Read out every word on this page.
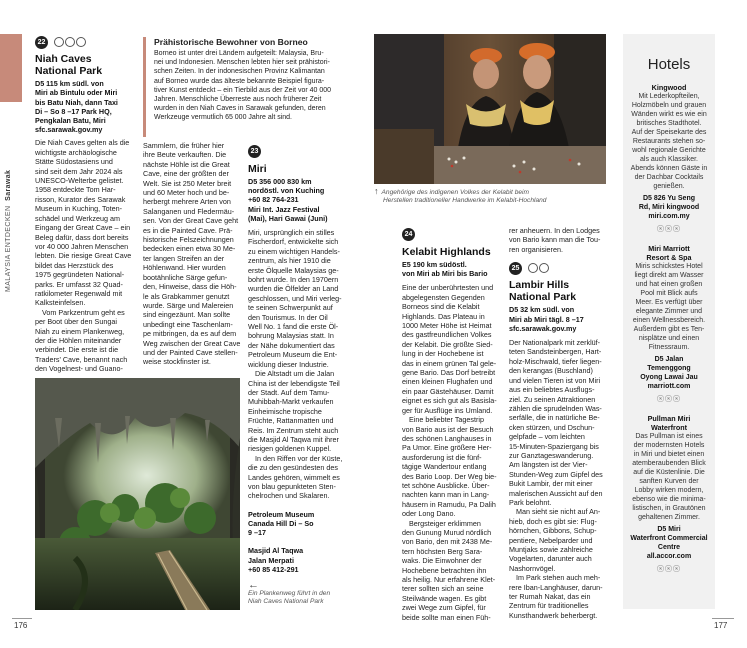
MALAYSIA ENTDECKEN  Sarawak
22
Niah Caves
National Park
D5 115 km südl. von
Miri ab Bintulu oder Miri
bis Batu Niah, dann Taxi
Di – So 8 –17 Park HQ,
Pengkalan Batu, Miri
sfc.sarawak.gov.my
Die Niah Caves gelten als die
wichtigste archäologische
Stätte Südostasiens und
sind seit dem Jahr 2024 als
UNESCO-Welterbe gelistet.
1958 entdeckte Tom Har-
risson, Kurator des Sarawak
Museum in Kuching, Toten-
schädel und Werkzeug am
Eingang der Great Cave – ein
Beleg dafür, dass dort bereits
vor 40 000 Jahren Menschen
lebten. Die riesige Great Cave
bildet das Herzstück des
1975 gegründeten National-
parks. Er umfasst 32 Quad-
ratkilometer Regenwald mit
Kalksteinfelsen.
Vom Parkzentrum geht es
per Boot über den Sungai
Niah zu einem Plankenweg,
der die Höhlen miteinander
verbindet. Die erste ist die
Traders' Cave, benannt nach
den Vogelnest- und Guano-
Sammlern, die früher hier
ihre Beute verkauften. Die
nächste Höhle ist die Great
Cave, eine der größten der
Welt. Sie ist 250 Meter breit
und 60 Meter hoch und be-
herbergt mehrere Arten von
Salanganen und Fledermäu-
sen. Von der Great Cave geht
es in die Painted Cave. Prä-
historische Felszeichnungen
bedecken einen etwa 30 Me-
ter langen Streifen an der
Höhlenwand. Hier wurden
bootähnliche Särge gefun-
den, Hinweise, dass die Höh-
le als Grabkammer genutzt
wurde. Särge und Malereien
sind eingezäunt. Man sollte
unbedingt eine Taschenlam-
pe mitbringen, da es auf dem
Weg zwischen der Great Cave
und der Painted Cave stellen-
weise stockfinster ist.
Prähistorische Bewohner von Borneo
Borneo ist unter drei Ländern aufgeteilt: Malaysia, Bru-
nei und Indonesien. Menschen lebten hier seit prähistori-
schen Zeiten. In der indonesischen Provinz Kalimantan
auf Borneo wurde das älteste bekannte Beispiel figura-
tiver Kunst entdeckt – ein Tierbild aus der Zeit vor 40 000
Jahren. Menschliche Überreste aus noch früherer Zeit
wurden in den Niah Caves in Sarawak gefunden, deren
Werkzeuge vermutlich 65 000 Jahre alt sind.
23
Miri
D5 356 000 830 km
nordöstl. von Kuching
+60 82 764-231
Miri Int. Jazz Festival
(Mai), Hari Gawai (Juni)
Miri, ursprünglich ein stilles
Fischerdorf, entwickelte sich
zu einem wichtigen Handels-
zentrum, als hier 1910 die
erste Ölquelle Malaysias ge-
bohrt wurde. In den 1970ern
wurden die Ölfelder an Land
geschlossen, und Miri verleg-
te seinen Schwerpunkt auf
den Tourismus. In der Oil
Well No. 1 fand die erste Öl-
bohrung Malaysias statt. In
der Nähe dokumentiert das
Petroleum Museum die Ent-
wicklung dieser Industrie.
Die Altstadt um die Jalan
China ist der lebendigste Teil
der Stadt. Auf dem Tamu-
Muhibbah-Markt verkaufen
Einheimische tropische
Früchte, Rattanmatten und
Reis. Im Zentrum steht auch
die Masjid Al Taqwa mit ihrer
riesigen goldenen Kuppel.
In den Riffen vor der Küste,
die zu den gesündesten des
Landes gehören, wimmelt es
von blau gepunkteten Sten-
chelrochen und Skalaren.
Petroleum Museum
Canada Hill Di – So
9 –17
Masjid Al Taqwa
Jalan Merpati
+60 85 412-291
←
Ein Plankenweg führt in den
Niah Caves National Park
↑ Angehörige des indigenen Volkes der Kelabit beim
Herstellen traditioneller Handwerke im Kelabit-Hochland
24
Kelabit Highlands
E5 190 km südöstl.
von Miri ab Miri bis Bario
Eine der unberührtesten und
abgelegensten Gegenden
Borneos sind die Kelabit
Highlands. Das Plateau in
1000 Meter Höhe ist Heimat
des gastfreundlichen Volkes
der Kelabit. Die größte Sied-
lung in der Hochebene ist
das in einem grünen Tal gele-
gene Bario. Das Dorf betreibt
einen kleinen Flughafen und
ein paar Gästehäuser. Damit
eignet es sich gut als Basisla-
ger für Ausflüge ins Umland.
Eine beliebter Tagestrip
von Bario aus ist der Besuch
des schönen Langhauses in
Pa Umor. Eine größere Her-
ausforderung ist die fünf-
tägige Wandertour entlang
des Bario Loop. Der Weg bie-
tet schöne Ausblicke. Über-
nachten kann man in Lang-
häusern in Ramudu, Pa Dalih
oder Long Dano.
Bergsteiger erklimmen
den Gunung Murud nördlich
von Bario, den mit 2438 Me-
tern höchsten Berg Sara-
waks. Die Einwohner der
Hochebene betrachten ihn
als heilig. Nur erfahrene Klet-
terer sollten sich an seine
Steilwände wagen. Es gibt
zwei Wege zum Gipfel, für
beide sollte man einen Füh-
rer anheuern. In den Lodges
von Bario kann man die Tou-
ren organisieren.
25
Lambir Hills
National Park
D5 32 km südl. von
Miri ab Miri tägl. 8 –17
sfc.sarawak.gov.my
Der Nationalpark mit zerklüf-
teten Sandsteinbergen, Hart-
holz-Mischwald, tiefer liegen-
den kerangas (Buschland)
und vielen Tieren ist von Miri
aus ein beliebtes Ausflugs-
ziel. Zu seinen Attraktionen
zählen die sprudelnden Was-
serfälle, die in natürliche Be-
cken stürzen, und Dschun-
gelpfade – vom leichten
15-Minuten-Spaziergang bis
zur Ganztageswanderung.
Am längsten ist der Vier-
Stunden-Weg zum Gipfel des
Bukit Lambir, der mit einer
malerischen Aussicht auf den
Park belohnt.
Man sieht sie nicht auf An-
hieb, doch es gibt sie: Flug-
hörnchen, Gibbons, Schup-
pentiere, Nebelparder und
Muntjaks sowie zahlreiche
Vogelarten, darunter auch
Nashornvögel.
Im Park stehen auch meh-
rere Iban-Langhäuser, darun-
ter Rumah Nakat, das ein
Zentrum für traditionelles
Kunsthandwerk beherbergt.
Hotels
Kingwood
Mit Lederkopfteilen,
Holzmöbeln und grauen
Wänden wirkt es wie ein
britisches Stadthotel.
Auf der Speisekarte des
Restaurants stehen so-
wohl regionale Gerichte
als auch Klassiker.
Abends können Gäste in
der Dachbar Cocktails
genießen.
D5 826 Yu Seng
Rd, Miri kingwood
miri.com.my
ⓢⓢⓢ
Miri Marriott
Resort & Spa
Miris schickstes Hotel
liegt direkt am Wasser
und hat einen großen
Pool mit Blick aufs
Meer. Es verfügt über
elegante Zimmer und
einen Wellnessbereich.
Außerdem gibt es Ten-
nisplätze und einen
Fitnessraum.
D5 Jalan
Temenggong
Oyong Lawai Jau
marriott.com
ⓢⓢⓢ
Pullman Miri
Waterfront
Das Pullman ist eines
der modernsten Hotels
in Miri und bietet einen
atemberaubenden Blick
auf die Küstenlinie. Die
sanften Kurven der
Lobby wirken modern,
ebenso wie die minima-
listischen, in Grautönen
gehaltenen Zimmer.
D5 Miri
Waterfront Commercial
Centre
all.accor.com
ⓢⓢⓢ
176	177
